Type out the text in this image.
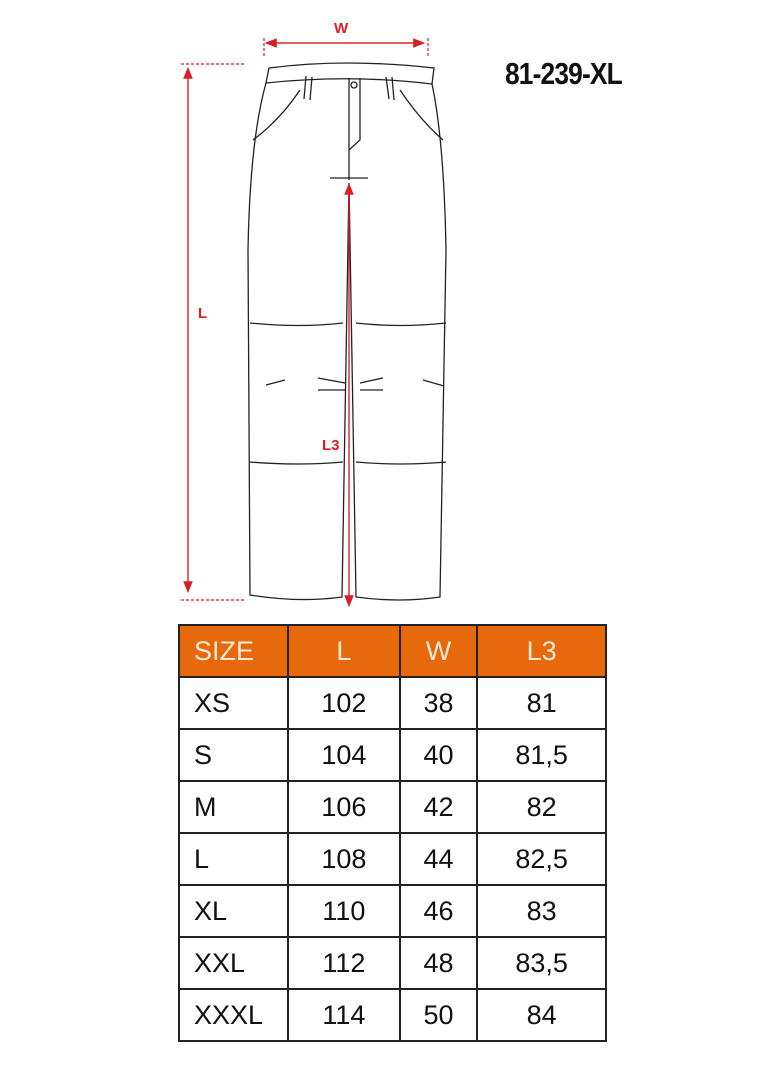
81-239-XL
W
L
L3
SIZE	L	W	L3
XS	102	38	81
S	104	40	81,5
M	106	42	82
L	108	44	82,5
XL	110	46	83
XXL	112	48	83,5
XXXL	114	50	84
